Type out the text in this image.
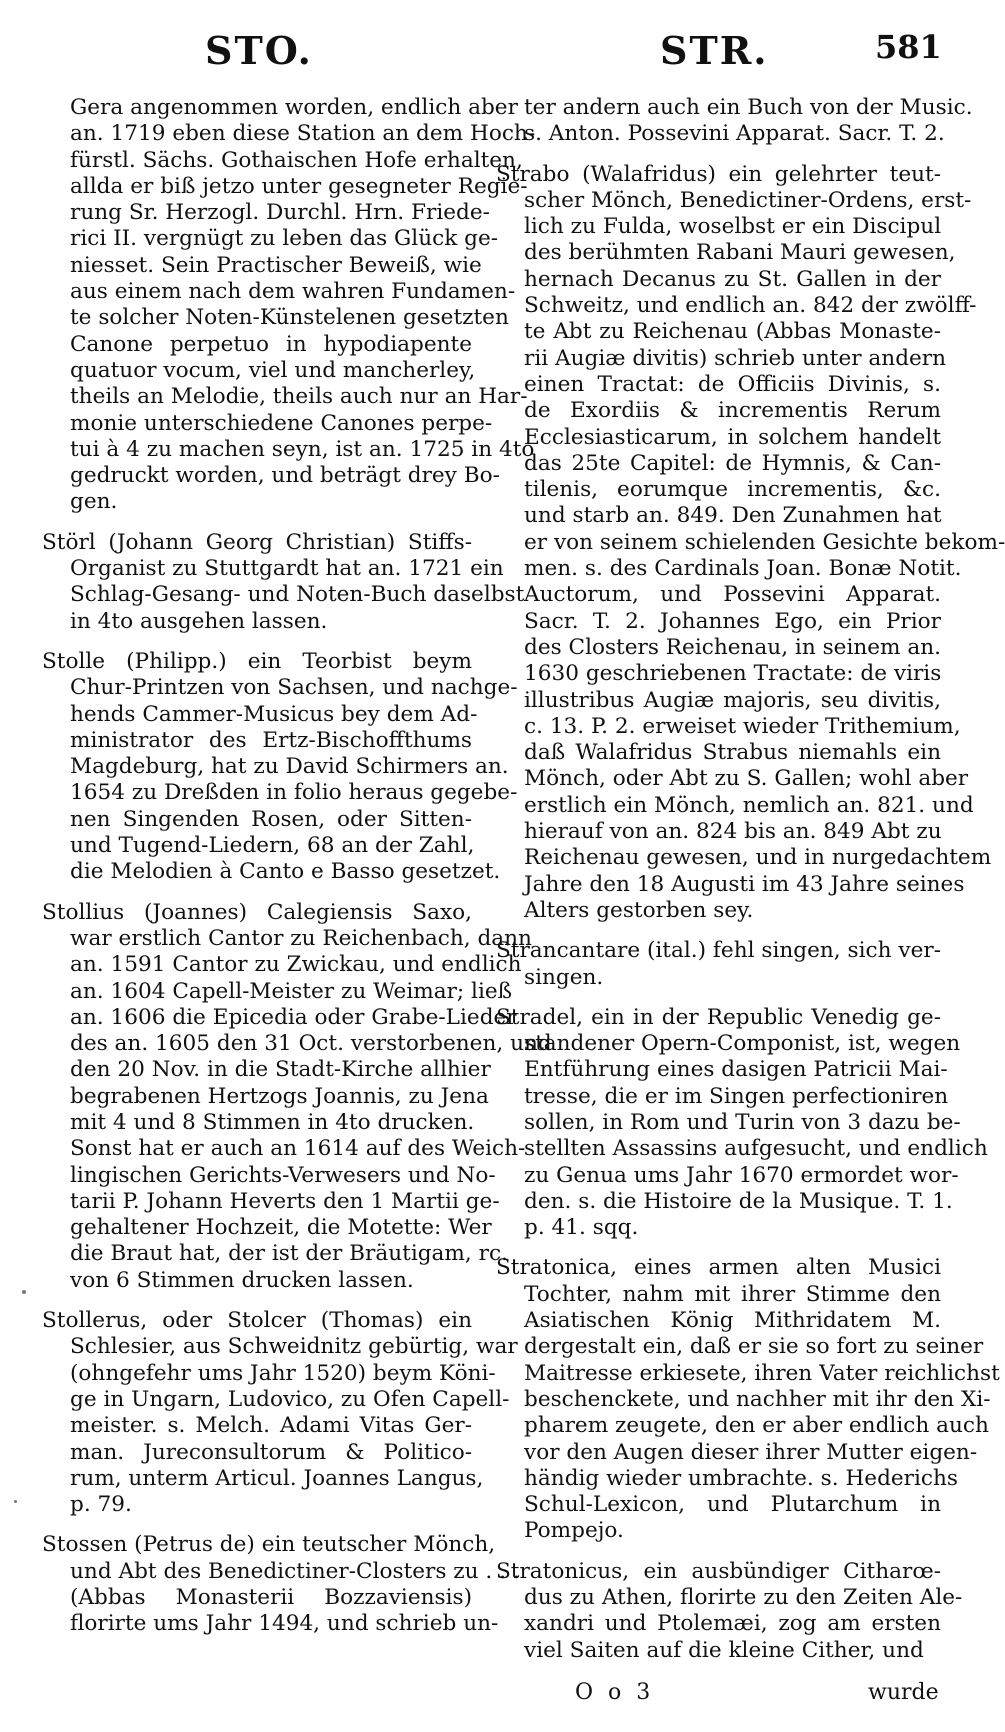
STO.	STR.	581
Gera angenommen worden, endlich aber
an. 1719 eben diese Station an dem Hoch-
fürstl. Sächs. Gothaischen Hofe erhalten,
allda er biß jetzo unter gesegneter Regie-
rung Sr. Herzogl. Durchl. Hrn. Friede-
rici II. vergnügt zu leben das Glück ge-
niesset. Sein Practischer Beweiß, wie
aus einem nach dem wahren Fundamen-
te solcher Noten-Künstelenen gesetzten
Canone perpetuo in hypodiapente
quatuor vocum, viel und mancherley,
theils an Melodie, theils auch nur an Har-
monie unterschiedene Canones perpe-
tui à 4 zu machen seyn, ist an. 1725 in 4to
gedruckt worden, und beträgt drey Bo-
gen.
Störl (Johann Georg Christian) Stiffs-
Organist zu Stuttgardt hat an. 1721 ein
Schlag-Gesang- und Noten-Buch daselbst
in 4to ausgehen lassen.
Stolle (Philipp.) ein Teorbist beym
Chur-Printzen von Sachsen, und nachge-
hends Cammer-Musicus bey dem Ad-
ministrator des Ertz-Bischoffthums
Magdeburg, hat zu David Schirmers an.
1654 zu Dreßden in folio heraus gegebe-
nen Singenden Rosen, oder Sitten-
und Tugend-Liedern, 68 an der Zahl,
die Melodien à Canto e Basso gesetzet.
Stollius (Joannes) Calegiensis Saxo,
war erstlich Cantor zu Reichenbach, dann
an. 1591 Cantor zu Zwickau, und endlich
an. 1604 Capell-Meister zu Weimar; ließ
an. 1606 die Epicedia oder Grabe-Lieder
des an. 1605 den 31 Oct. verstorbenen, und
den 20 Nov. in die Stadt-Kirche allhier
begrabenen Hertzogs Joannis, zu Jena
mit 4 und 8 Stimmen in 4to drucken.
Sonst hat er auch an 1614 auf des Weich-
lingischen Gerichts-Verwesers und No-
tarii P. Johann Heverts den 1 Martii ge-
gehaltener Hochzeit, die Motette: Wer
die Braut hat, der ist der Bräutigam, rc.
von 6 Stimmen drucken lassen.
Stollerus, oder Stolcer (Thomas) ein
Schlesier, aus Schweidnitz gebürtig, war
(ohngefehr ums Jahr 1520) beym Köni-
ge in Ungarn, Ludovico, zu Ofen Capell-
meister. s. Melch. Adami Vitas Ger-
man. Jureconsultorum & Politico-
rum, unterm Articul. Joannes Langus,
p. 79.
Stossen (Petrus de) ein teutscher Mönch,
und Abt des Benedictiner-Closters zu . . .
(Abbas Monasterii Bozzaviensis)
florirte ums Jahr 1494, und schrieb un-
ter andern auch ein Buch von der Music.
s. Anton. Possevini Apparat. Sacr. T. 2.
Strabo (Walafridus) ein gelehrter teut-
scher Mönch, Benedictiner-Ordens, erst-
lich zu Fulda, woselbst er ein Discipul
des berühmten Rabani Mauri gewesen,
hernach Decanus zu St. Gallen in der
Schweitz, und endlich an. 842 der zwölff-
te Abt zu Reichenau (Abbas Monaste-
rii Augiæ divitis) schrieb unter andern
einen Tractat: de Officiis Divinis, s.
de Exordiis & incrementis Rerum
Ecclesiasticarum, in solchem handelt
das 25te Capitel: de Hymnis, & Can-
tilenis, eorumque incrementis, &c.
und starb an. 849. Den Zunahmen hat
er von seinem schielenden Gesichte bekom-
men. s. des Cardinals Joan. Bonæ Notit.
Auctorum, und Possevini Apparat.
Sacr. T. 2. Johannes Ego, ein Prior
des Closters Reichenau, in seinem an.
1630 geschriebenen Tractate: de viris
illustribus Augiæ majoris, seu divitis,
c. 13. P. 2. erweiset wieder Trithemium,
daß Walafridus Strabus niemahls ein
Mönch, oder Abt zu S. Gallen; wohl aber
erstlich ein Mönch, nemlich an. 821. und
hierauf von an. 824 bis an. 849 Abt zu
Reichenau gewesen, und in nurgedachtem
Jahre den 18 Augusti im 43 Jahre seines
Alters gestorben sey.
Strancantare (ital.) fehl singen, sich ver-
singen.
Stradel, ein in der Republic Venedig ge-
standener Opern-Componist, ist, wegen
Entführung eines dasigen Patricii Mai-
tresse, die er im Singen perfectioniren
sollen, in Rom und Turin von 3 dazu be-
stellten Assassins aufgesucht, und endlich
zu Genua ums Jahr 1670 ermordet wor-
den. s. die Histoire de la Musique. T. 1.
p. 41. sqq.
Stratonica, eines armen alten Musici
Tochter, nahm mit ihrer Stimme den
Asiatischen König Mithridatem M.
dergestalt ein, daß er sie so fort zu seiner
Maitresse erkiesete, ihren Vater reichlichst
beschenckete, und nachher mit ihr den Xi-
pharem zeugete, den er aber endlich auch
vor den Augen dieser ihrer Mutter eigen-
händig wieder umbrachte. s. Hederichs
Schul-Lexicon, und Plutarchum in
Pompejo.
Stratonicus, ein ausbündiger Citharœ-
dus zu Athen, florirte zu den Zeiten Ale-
xandri und Ptolemæi, zog am ersten
viel Saiten auf die kleine Cither, und
O o 3	wurde
